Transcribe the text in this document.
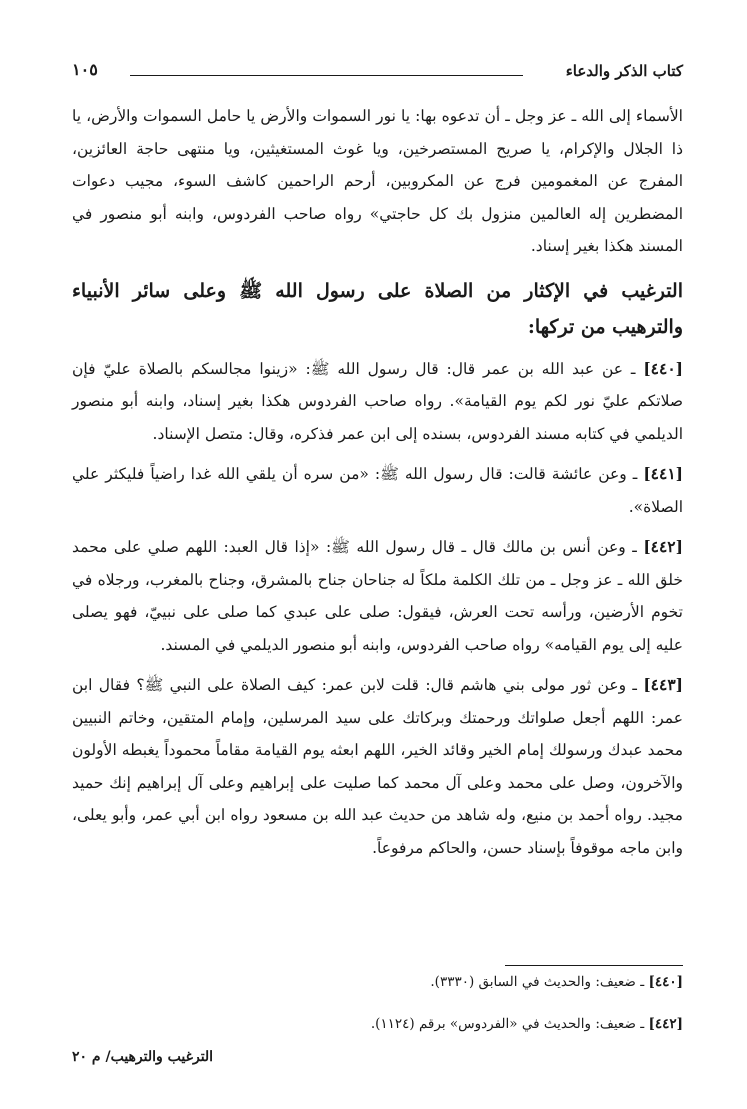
كتاب الذكر والدعاء
١٠٥

الأسماء إلى الله ـ عز وجل ـ أن تدعوه بها: يا نور السموات والأرض يا حامل السموات والأرض، يا ذا الجلال والإكرام، يا صريح المستصرخين، ويا غوث المستغيثين، ويا منتهى حاجة العائزين، المفرج عن المغمومين فرج عن المكروبين، أرحم الراحمين كاشف السوء، مجيب دعوات المضطرين إله العالمين منزول بك كل حاجتي» رواه صاحب الفردوس، وابنه أبو منصور في المسند هكذا بغير إسناد.

الترغيب في الإكثار من الصلاة على رسول الله ﷺ وعلى سائر الأنبياء والترهيب من تركها:

[٤٤٠] ـ عن عبد الله بن عمر قال: قال رسول الله ﷺ: «زينوا مجالسكم بالصلاة عليّ فإن صلاتكم عليّ نور لكم يوم القيامة». رواه صاحب الفردوس هكذا بغير إسناد، وابنه أبو منصور الديلمي في كتابه مسند الفردوس، بسنده إلى ابن عمر فذكره، وقال: متصل الإسناد.

[٤٤١] ـ وعن عائشة قالت: قال رسول الله ﷺ: «من سره أن يلقي الله غدا راضياً فليكثر علي الصلاة».

[٤٤٢] ـ وعن أنس بن مالك قال ـ قال رسول الله ﷺ: «إذا قال العبد: اللهم صلي على محمد خلق الله ـ عز وجل ـ من تلك الكلمة ملكاً له جناحان جناح بالمشرق، وجناح بالمغرب، ورجلاه في تخوم الأرضين، ورأسه تحت العرش، فيقول: صلى على عبدي كما صلى على نبييّ، فهو يصلى عليه إلى يوم القيامه» رواه صاحب الفردوس، وابنه أبو منصور الديلمي في المسند.

[٤٤٣] ـ وعن ثور مولى بني هاشم قال: قلت لابن عمر: كيف الصلاة على النبي ﷺ؟ فقال ابن عمر: اللهم أجعل صلواتك ورحمتك وبركاتك على سيد المرسلين، وإمام المتقين، وخاتم النبيين محمد عبدك ورسولك إمام الخير وقائد الخير، اللهم ابعثه يوم القيامة مقاماً محموداً يغبطه الأولون والآخرون، وصل على محمد وعلى آل محمد كما صليت على إبراهيم وعلى آل إبراهيم إنك حميد مجيد. رواه أحمد بن منيع، وله شاهد من حديث عبد الله بن مسعود رواه ابن أبي عمر، وأبو يعلى، وابن ماجه موقوفاً بإسناد حسن، والحاكم مرفوعاً.

[٤٤٠] ـ ضعيف: والحديث في السابق (٣٣٣٠).

[٤٤٢] ـ ضعيف: والحديث في «الفردوس» برقم (١١٢٤).

الترغيب والترهيب/ م ٢٠
